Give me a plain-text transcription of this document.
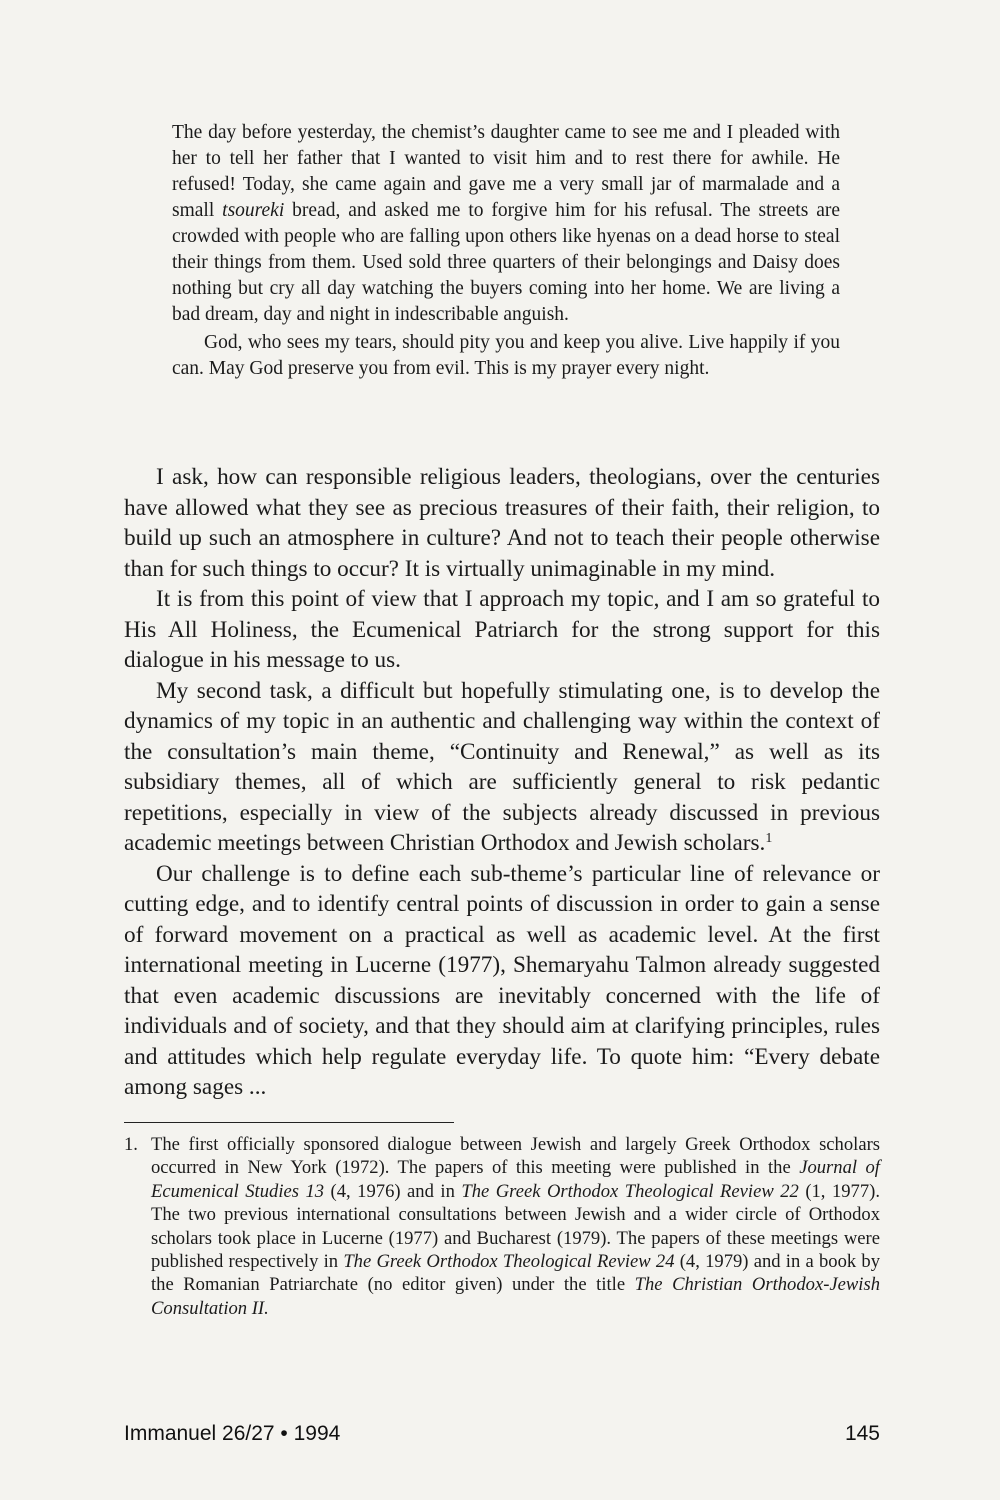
The day before yesterday, the chemist’s daughter came to see me and I pleaded with her to tell her father that I wanted to visit him and to rest there for awhile. He refused! Today, she came again and gave me a very small jar of marmalade and a small tsoureki bread, and asked me to forgive him for his refusal. The streets are crowded with people who are falling upon others like hyenas on a dead horse to steal their things from them. Used sold three quarters of their belongings and Daisy does nothing but cry all day watching the buyers coming into her home. We are living a bad dream, day and night in indescribable anguish.

God, who sees my tears, should pity you and keep you alive. Live happily if you can. May God preserve you from evil. This is my prayer every night.

I ask, how can responsible religious leaders, theologians, over the centuries have allowed what they see as precious treasures of their faith, their religion, to build up such an atmosphere in culture? And not to teach their people otherwise than for such things to occur? It is virtually unimaginable in my mind.

It is from this point of view that I approach my topic, and I am so grateful to His All Holiness, the Ecumenical Patriarch for the strong support for this dialogue in his message to us.

My second task, a difficult but hopefully stimulating one, is to develop the dynamics of my topic in an authentic and challenging way within the context of the consultation’s main theme, “Continuity and Renewal,” as well as its subsidiary themes, all of which are sufficiently general to risk pedantic repetitions, especially in view of the subjects already discussed in previous academic meetings between Christian Orthodox and Jewish scholars.$^1$

Our challenge is to define each sub-theme’s particular line of relevance or cutting edge, and to identify central points of discussion in order to gain a sense of forward movement on a practical as well as academic level. At the first international meeting in Lucerne (1977), Shemaryahu Talmon already suggested that even academic discussions are inevitably concerned with the life of individuals and of society, and that they should aim at clarifying principles, rules and attitudes which help regulate everyday life. To quote him: “Every debate among sages ...

1. The first officially sponsored dialogue between Jewish and largely Greek Orthodox scholars occurred in New York (1972). The papers of this meeting were published in the Journal of Ecumenical Studies 13 (4, 1976) and in The Greek Orthodox Theological Review 22 (1, 1977). The two previous international consultations between Jewish and a wider circle of Orthodox scholars took place in Lucerne (1977) and Bucharest (1979). The papers of these meetings were published respectively in The Greek Orthodox Theological Review 24 (4, 1979) and in a book by the Romanian Patriarchate (no editor given) under the title The Christian Orthodox-Jewish Consultation II.
Immanuel 26/27 • 1994	145
